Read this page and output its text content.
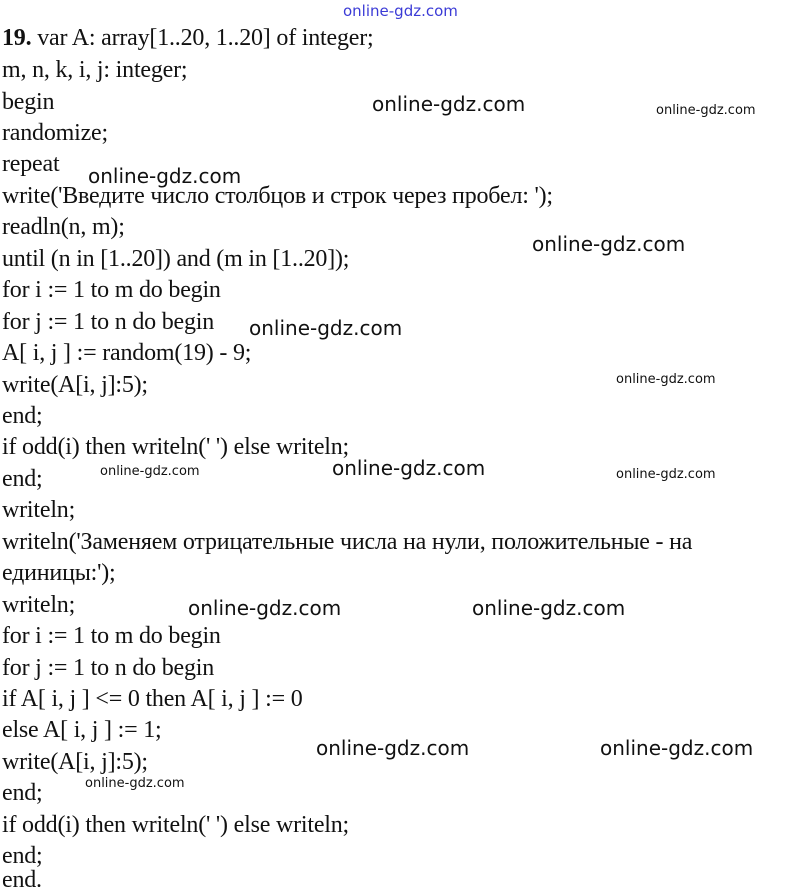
19. var A: array[1..20, 1..20] of integer;
m, n, k, i, j: integer;
begin
randomize;
repeat
write('Введите число столбцов и строк через пробел: ');
readln(n, m);
until (n in [1..20]) and (m in [1..20]);
for i := 1 to m do begin
for j := 1 to n do begin
A[ i, j ] := random(19) - 9;
write(A[i, j]:5);
end;
if odd(i) then writeln(' ') else writeln;
end;
writeln;
writeln('Заменяем отрицательные числа на нули, положительные - на
единицы:');
writeln;
for i := 1 to m do begin
for j := 1 to n do begin
if A[ i, j ] <= 0 then A[ i, j ] := 0
else A[ i, j ] := 1;
write(A[i, j]:5);
end;
if odd(i) then writeln(' ') else writeln;
end;
end.
online-gdz.com
online-gdz.com	online-gdz.com
online-gdz.com
online-gdz.com
online-gdz.com
online-gdz.com
online-gdz.com	online-gdz.com	online-gdz.com
online-gdz.com	online-gdz.com
online-gdz.com	online-gdz.com
online-gdz.com
